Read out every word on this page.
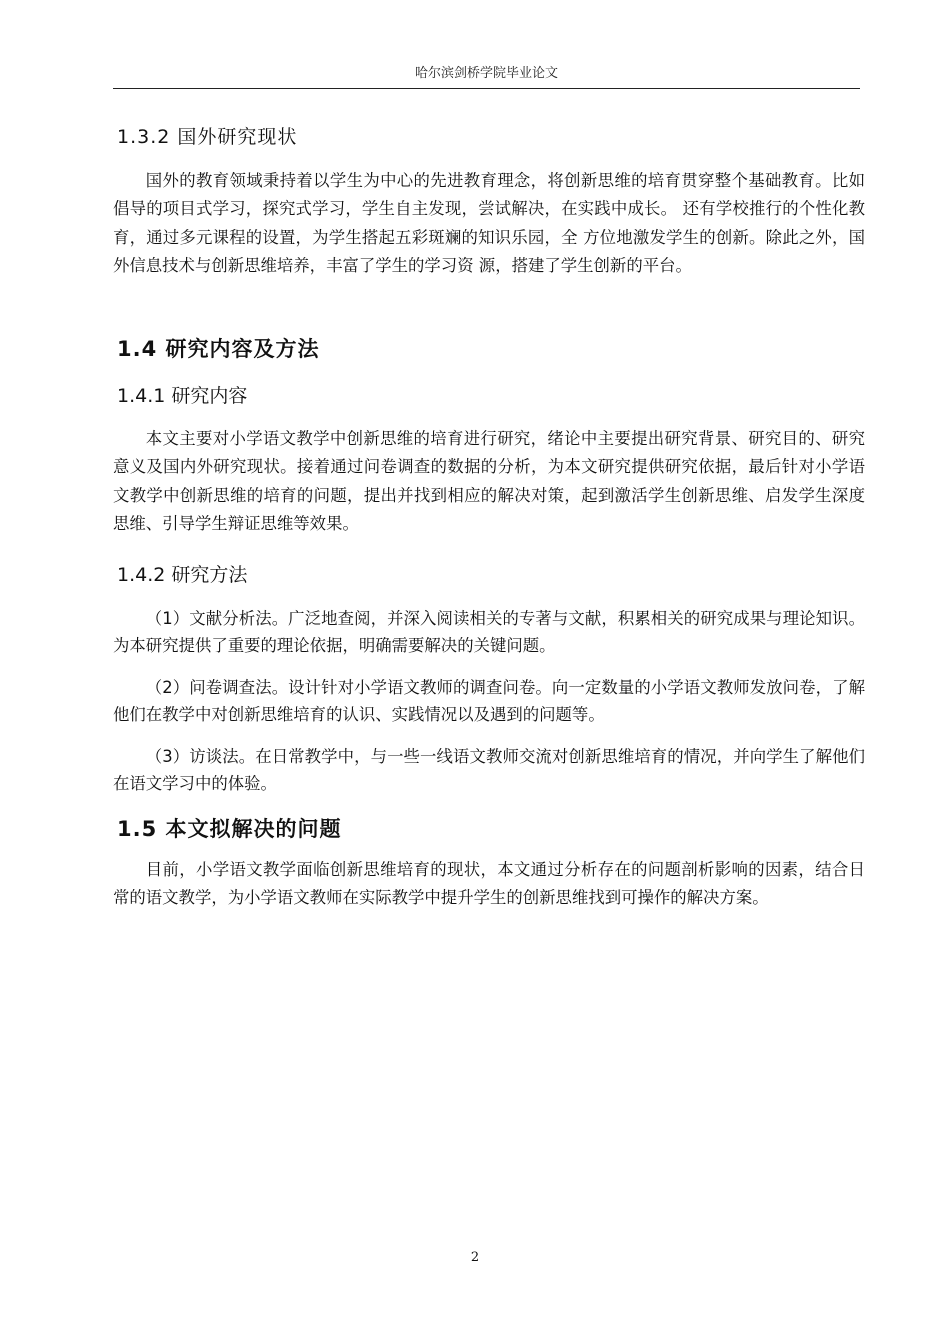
哈尔滨剑桥学院毕业论文
1.3.2 国外研究现状
国外的教育领域秉持着以学生为中心的先进教育理念，将创新思维的培育贯穿整个基础教育。比如倡导的项目式学习，探究式学习，学生自主发现，尝试解决，在实践中成长。 还有学校推行的个性化教育，通过多元课程的设置，为学生搭起五彩斑斓的知识乐园，全 方位地激发学生的创新。除此之外，国外信息技术与创新思维培养，丰富了学生的学习资 源，搭建了学生创新的平台。
1.4 研究内容及方法
1.4.1 研究内容
本文主要对小学语文教学中创新思维的培育进行研究，绪论中主要提出研究背景、研究目的、研究意义及国内外研究现状。接着通过问卷调查的数据的分析，为本文研究提供研究依据，最后针对小学语文教学中创新思维的培育的问题，提出并找到相应的解决对策，起到激活学生创新思维、启发学生深度思维、引导学生辩证思维等效果。
1.4.2 研究方法
（1）文献分析法。广泛地查阅，并深入阅读相关的专著与文献，积累相关的研究成果与理论知识。为本研究提供了重要的理论依据，明确需要解决的关键问题。
（2）问卷调查法。设计针对小学语文教师的调查问卷。向一定数量的小学语文教师发放问卷，了解他们在教学中对创新思维培育的认识、实践情况以及遇到的问题等。
（3）访谈法。在日常教学中，与一些一线语文教师交流对创新思维培育的情况，并向学生了解他们在语文学习中的体验。
1.5 本文拟解决的问题
目前，小学语文教学面临创新思维培育的现状，本文通过分析存在的问题剖析影响的因素，结合日常的语文教学，为小学语文教师在实际教学中提升学生的创新思维找到可操作的解决方案。
2
